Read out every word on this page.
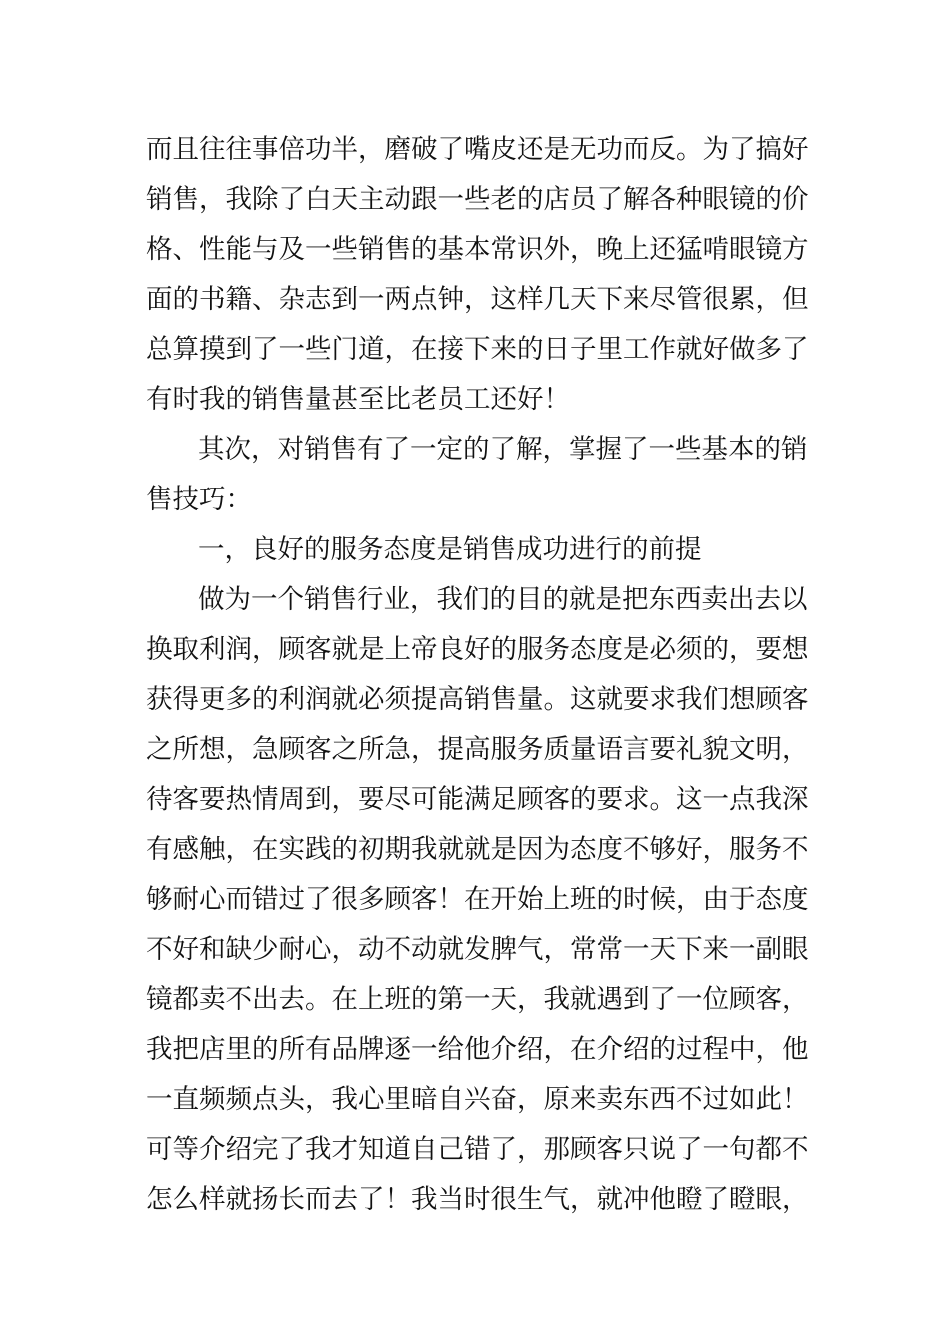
而且往往事倍功半，磨破了嘴皮还是无功而反。为了搞好
销售，我除了白天主动跟一些老的店员了解各种眼镜的价
格、性能与及一些销售的基本常识外，晚上还猛啃眼镜方
面的书籍、杂志到一两点钟，这样几天下来尽管很累，但
总算摸到了一些门道，在接下来的日子里工作就好做多了
有时我的销售量甚至比老员工还好！
其次，对销售有了一定的了解，掌握了一些基本的销
售技巧：
一，良好的服务态度是销售成功进行的前提
做为一个销售行业，我们的目的就是把东西卖出去以
换取利润，顾客就是上帝良好的服务态度是必须的，要想
获得更多的利润就必须提高销售量。这就要求我们想顾客
之所想，急顾客之所急，提高服务质量语言要礼貌文明，
待客要热情周到，要尽可能满足顾客的要求。这一点我深
有感触，在实践的初期我就就是因为态度不够好，服务不
够耐心而错过了很多顾客！在开始上班的时候，由于态度
不好和缺少耐心，动不动就发脾气，常常一天下来一副眼
镜都卖不出去。在上班的第一天，我就遇到了一位顾客，
我把店里的所有品牌逐一给他介绍，在介绍的过程中，他
一直频频点头，我心里暗自兴奋，原来卖东西不过如此！
可等介绍完了我才知道自己错了，那顾客只说了一句都不
怎么样就扬长而去了！我当时很生气，就冲他瞪了瞪眼，
